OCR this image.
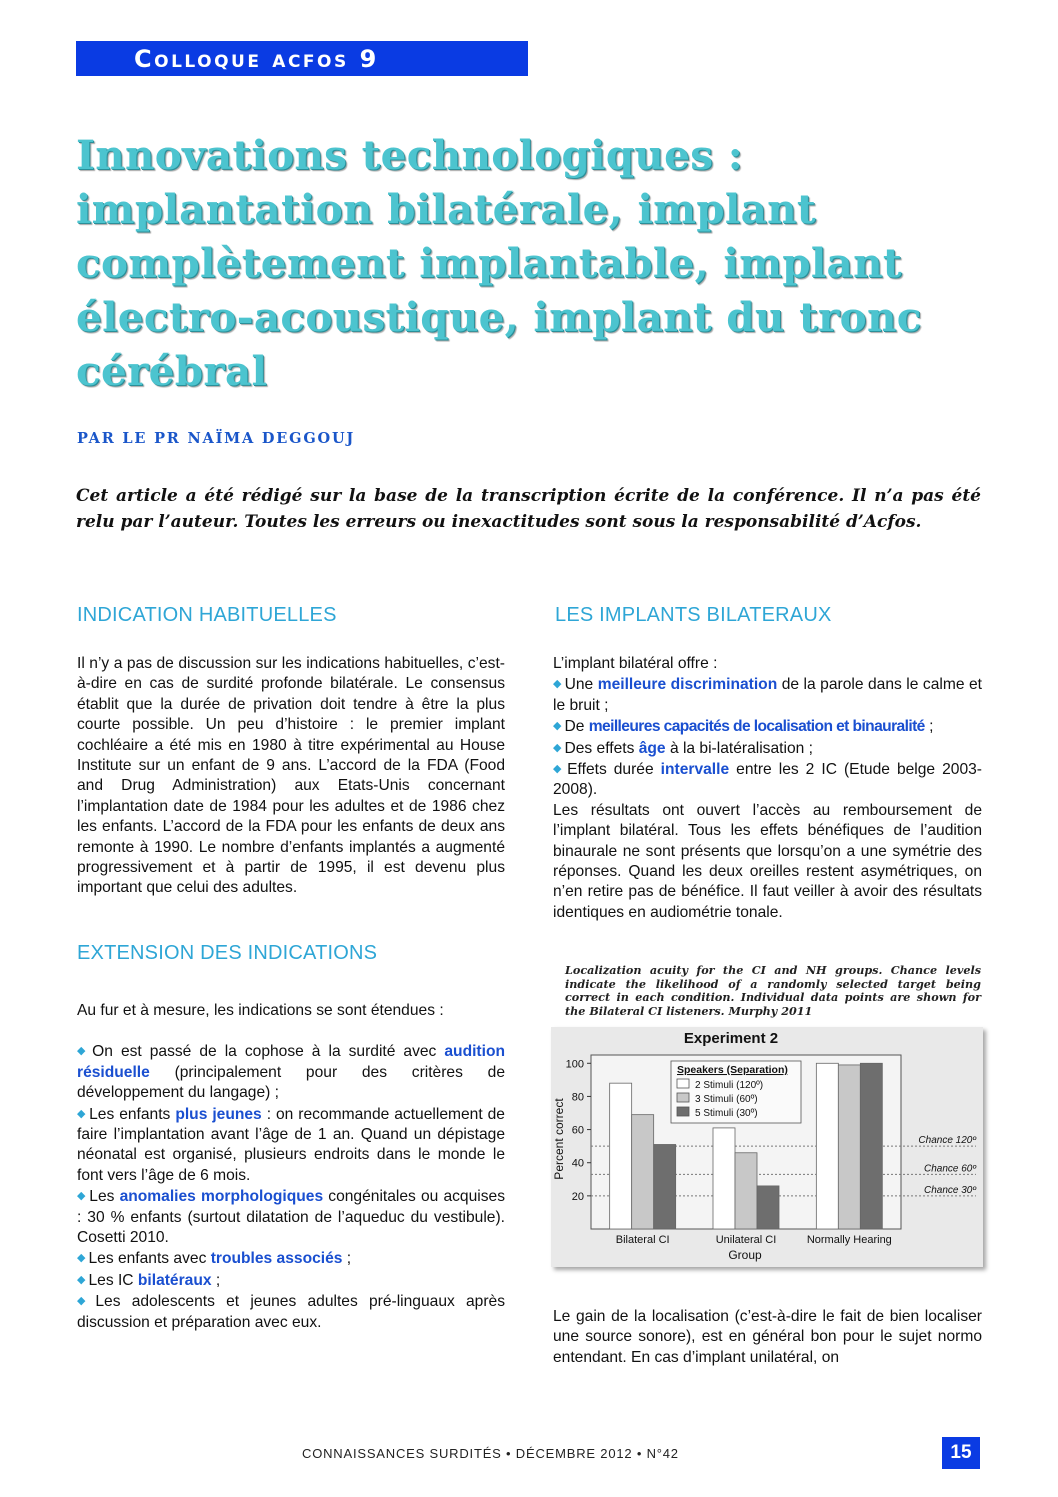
Colloque acfos 9
Innovations technologiques :
implantation bilatérale, implant
complètement implantable, implant
électro-acoustique, implant du tronc
cérébral
PAR LE PR NAÏMA DEGGOUJ

Cet article a été rédigé sur la base de la transcription écrite de la conférence. Il n’a pas été relu par l’auteur. Toutes les erreurs ou inexactitudes sont sous la responsabilité d’Acfos.

INDICATION HABITUELLES

Il n’y a pas de discussion sur les indications habituelles, c’est-à-dire en cas de surdité profonde bilatérale. Le consensus établit que la durée de privation doit tendre à être la plus courte possible. Un peu d’histoire : le premier implant cochléaire a été mis en 1980 à titre expérimental au House Institute sur un enfant de 9 ans. L’accord de la FDA (Food and Drug Administration) aux Etats-Unis concernant l’implantation date de 1984 pour les adultes et de 1986 chez les enfants. L’accord de la FDA pour les enfants de deux ans remonte à 1990. Le nombre d’enfants implantés a augmenté progressivement et à partir de 1995, il est devenu plus important que celui des adultes.

EXTENSION DES INDICATIONS

Au fur et à mesure, les indications se sont étendues :

◆ On est passé de la cophose à la surdité avec audition résiduelle (principalement pour des critères de développement du langage) ;

◆ Les enfants plus jeunes : on recommande actuellement de faire l’implantation avant l’âge de 1 an. Quand un dépistage néonatal est organisé, plusieurs endroits dans le monde le font vers l’âge de 6 mois.

◆ Les anomalies morphologiques congénitales ou acquises : 30 % enfants (surtout dilatation de l’aqueduc du vestibule). Cosetti 2010.

◆ Les enfants avec troubles associés ;

◆ Les IC bilatéraux ;

◆ Les adolescents et jeunes adultes pré-linguaux après discussion et préparation avec eux.

LES IMPLANTS BILATERAUX

L’implant bilatéral offre :

◆ Une meilleure discrimination de la parole dans le calme et le bruit ;

◆ De meilleures capacités de localisation et binauralité ;

◆ Des effets âge à la bi-latéralisation ;

◆ Effets durée intervalle entre les 2 IC (Etude belge 2003-2008).

Les résultats ont ouvert l’accès au remboursement de l’implant bilatéral. Tous les effets bénéfiques de l’audition binaurale ne sont présents que lorsqu’on a une symétrie des réponses. Quand les deux oreilles restent asymétriques, on n’en retire pas de bénéfice. Il faut veiller à avoir des résultats identiques en audiométrie tonale.

Localization acuity for the CI and NH groups. Chance levels indicate the likelihood of a randomly selected target being correct in each condition. Individual data points are shown for the Bilateral CI listeners. Murphy 2011

Experiment 2
Percent correct
Group
100
80
60
40
20
Chance 120º
Chance 60º
Chance 30º
Bilateral CI	Unilateral CI	Normally Hearing
Speakers (Separation)
2 Stimuli (120º)
3 Stimuli (60º)
5 Stimuli (30º)

Le gain de la localisation (c’est-à-dire le fait de bien localiser une source sonore), est en général bon pour le sujet normo entendant. En cas d’implant unilatéral, on

CONNAISSANCES SURDITÉS • DÉCEMBRE 2012 • N°42	15
